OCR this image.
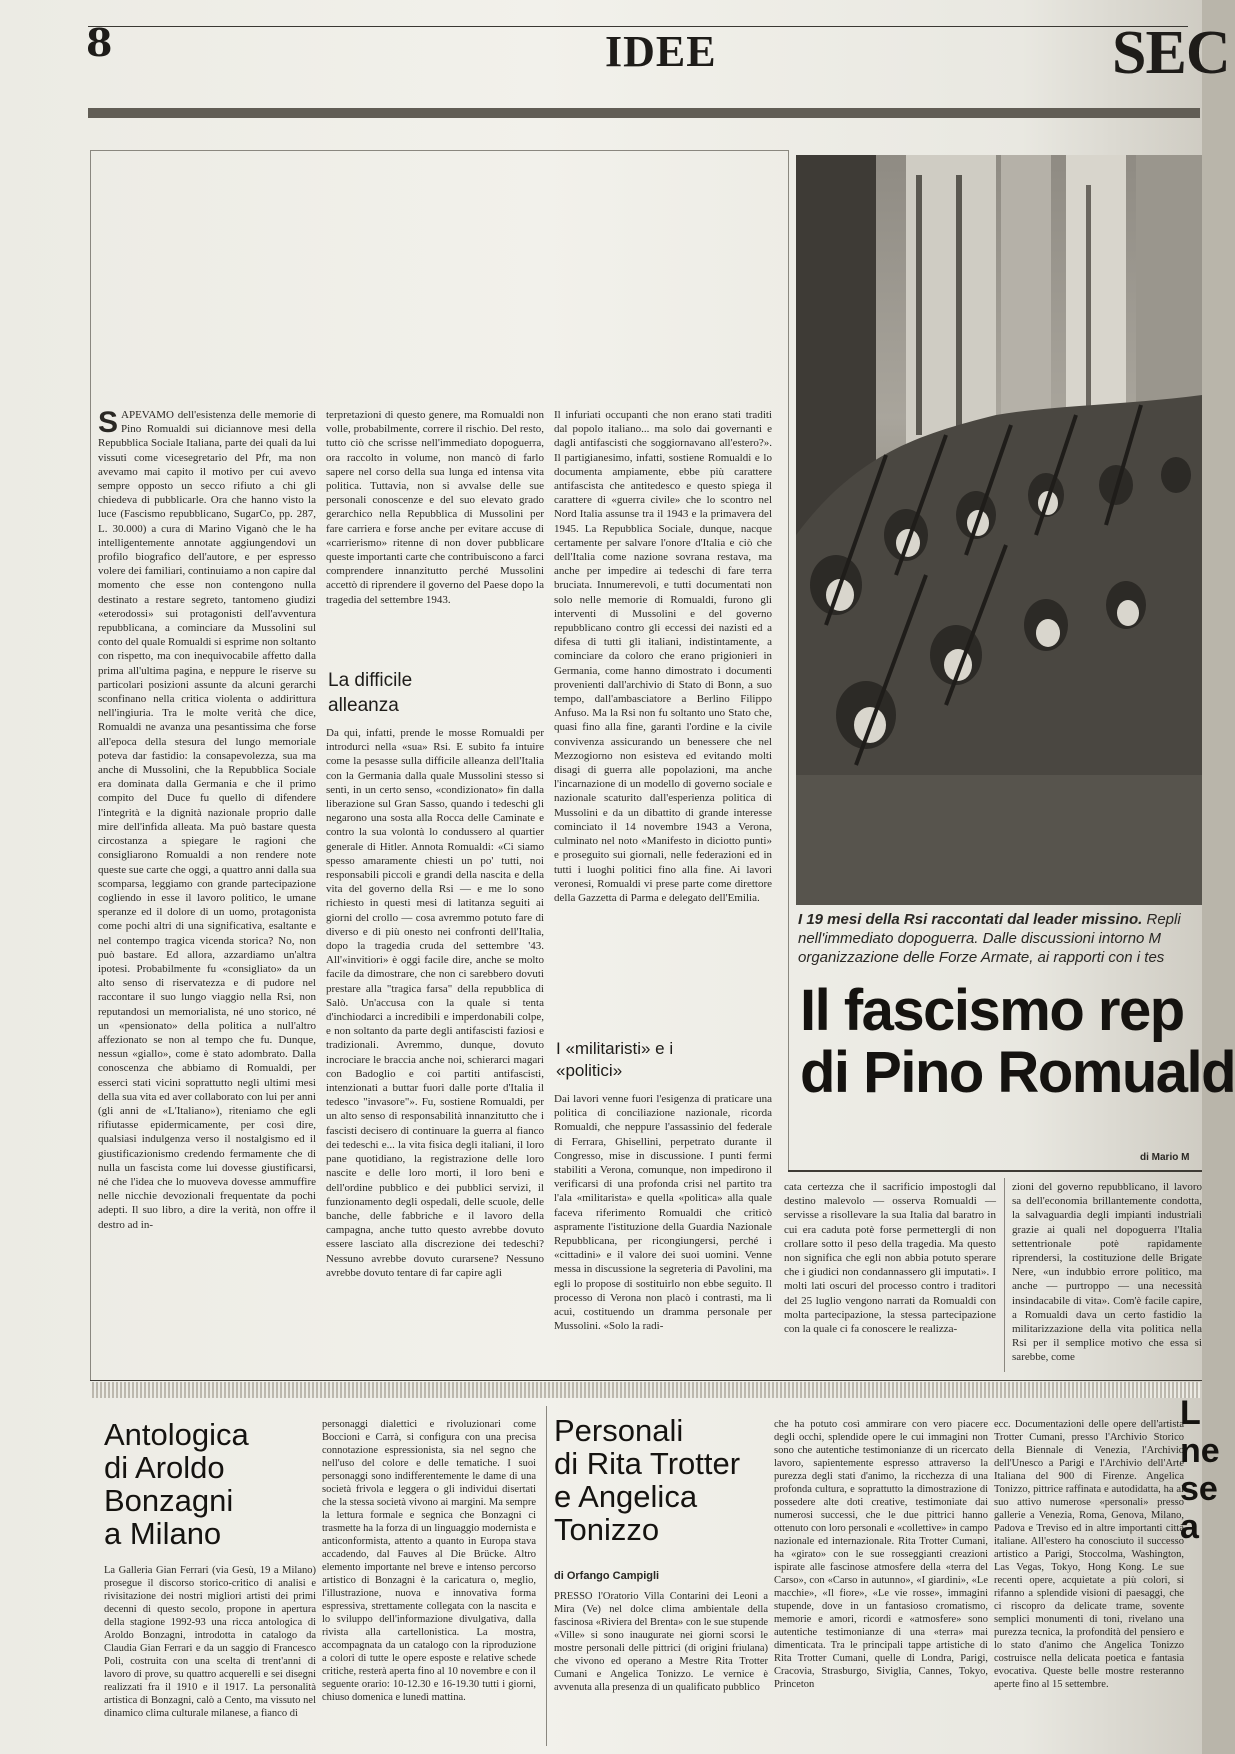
8	IDEE	SEC
SAPEVAMO dell'esistenza delle memorie di Pino Romualdi sui diciannove mesi della Repubblica Sociale Italiana, parte dei quali da lui vissuti come vicesegretario del Pfr, ma non avevamo mai capito il motivo per cui avevo sempre opposto un secco rifiuto a chi gli chiedeva di pubblicarle. Ora che hanno visto la luce (Fascismo repubblicano, SugarCo, pp. 287, L. 30.000) a cura di Marino Viganò che le ha intelligentemente annotate aggiungendovi un profilo biografico dell'autore, e per espresso volere dei familiari, continuiamo a non capire dal momento che esse non contengono nulla destinato a restare segreto, tantomeno giudizi «eterodossi» sui protagonisti dell'avventura repubblicana, a cominciare da Mussolini sul conto del quale Romualdi si esprime non soltanto con rispetto, ma con inequivocabile affetto dalla prima all'ultima pagina, e neppure le riserve su particolari posizioni assunte da alcuni gerarchi sconfinano nella critica violenta o addirittura nell'ingiuria. Tra le molte verità che dice, Romualdi ne avanza una pesantissima che forse all'epoca della stesura del lungo memoriale poteva dar fastidio: la consapevolezza, sua ma anche di Mussolini, che la Repubblica Sociale era dominata dalla Germania e che il primo compito del Duce fu quello di difendere l'integrità e la dignità nazionale proprio dalle mire dell'infida alleata. Ma può bastare questa circostanza a spiegare le ragioni che consigliarono Romualdi a non rendere note queste sue carte che oggi, a quattro anni dalla sua scomparsa, leggiamo con grande partecipazione cogliendo in esse il lavoro politico, le umane speranze ed il dolore di un uomo, protagonista come pochi altri di una significativa, esaltante e nel contempo tragica vicenda storica? No, non può bastare. Ed allora, azzardiamo un'altra ipotesi. Probabilmente fu «consigliato» da un alto senso di riservatezza e di pudore nel raccontare il suo lungo viaggio nella Rsi, non reputandosi un memorialista, né uno storico, né un «pensionato» della politica a null'altro affezionato se non al tempo che fu. Dunque, nessun «giallo», come è stato adombrato. Dalla conoscenza che abbiamo di Romualdi, per esserci stati vicini soprattutto negli ultimi mesi della sua vita ed aver collaborato con lui per anni (gli anni de «L'Italiano»), riteniamo che egli rifiutasse epidermicamente, per così dire, qualsiasi indulgenza verso il nostalgismo ed il giustificazionismo credendo fermamente che di nulla un fascista come lui dovesse giustificarsi, né che l'idea che lo muoveva dovesse ammuffire nelle nicchie devozionali frequentate da pochi adepti. Il suo libro, a dire la verità, non offre il destro ad in-
terpretazioni di questo genere, ma Romualdi non volle, probabilmente, correre il rischio. Del resto, tutto ciò che scrisse nell'immediato dopoguerra, ora raccolto in volume, non mancò di farlo sapere nel corso della sua lunga ed intensa vita politica. Tuttavia, non si avvalse delle sue personali conoscenze e del suo elevato grado gerarchico nella Repubblica di Mussolini per fare carriera e forse anche per evitare accuse di «carrierismo» ritenne di non dover pubblicare queste importanti carte che contribuiscono a farci comprendere innanzitutto perché Mussolini accettò di riprendere il governo del Paese dopo la tragedia del settembre 1943.
La difficile alleanza
Da qui, infatti, prende le mosse Romualdi per introdurci nella «sua» Rsi. E subito fa intuire come la pesasse sulla difficile alleanza dell'Italia con la Germania dalla quale Mussolini stesso si sentì, in un certo senso, «condizionato» fin dalla liberazione sul Gran Sasso, quando i tedeschi gli negarono una sosta alla Rocca delle Caminate e contro la sua volontà lo condussero al quartier generale di Hitler. Annota Romualdi: «Ci siamo spesso amaramente chiesti un po' tutti, noi responsabili piccoli e grandi della nascita e della vita del governo della Rsi — e me lo sono richiesto in questi mesi di latitanza seguiti ai giorni del crollo — cosa avremmo potuto fare di diverso e di più onesto nei confronti dell'Italia, dopo la tragedia cruda del settembre '43. All'«invitiori» è oggi facile dire, anche se molto facile da dimostrare, che non ci sarebbero dovuti prestare alla "tragica farsa" della repubblica di Salò. Un'accusa con la quale si tenta d'inchiodarci a incredibili e imperdonabili colpe, e non soltanto da parte degli antifascisti faziosi e tradizionali. Avremmo, dunque, dovuto incrociare le braccia anche noi, schierarci magari con Badoglio e coi partiti antifascisti, intenzionati a buttar fuori dalle porte d'Italia il tedesco "invasore"». Fu, sostiene Romualdi, per un alto senso di responsabilità innanzitutto che i fascisti decisero di continuare la guerra al fianco dei tedeschi e... la vita fisica degli italiani, il loro pane quotidiano, la registrazione delle loro nascite e delle loro morti, il loro beni e dell'ordine pubblico e dei pubblici servizi, il funzionamento degli ospedali, delle scuole, delle banche, delle fabbriche e il lavoro della campagna, anche tutto questo avrebbe dovuto essere lasciato alla discrezione dei tedeschi? Nessuno avrebbe dovuto curarsene? Nessuno avrebbe dovuto tentare di far capire agli
Il infuriati occupanti che non erano stati traditi dal popolo italiano... ma solo dai governanti e dagli antifascisti che soggiornavano all'estero?». Il partigianesimo, infatti, sostiene Romualdi e lo documenta ampiamente, ebbe più carattere antifascista che antitedesco e questo spiega il carattere di «guerra civile» che lo scontro nel Nord Italia assunse tra il 1943 e la primavera del 1945. La Repubblica Sociale, dunque, nacque certamente per salvare l'onore d'Italia e ciò che dell'Italia come nazione sovrana restava, ma anche per impedire ai tedeschi di fare terra bruciata. Innumerevoli, e tutti documentati non solo nelle memorie di Romualdi, furono gli interventi di Mussolini e del governo repubblicano contro gli eccessi dei nazisti ed a difesa di tutti gli italiani, indistintamente, a cominciare da coloro che erano prigionieri in Germania, come hanno dimostrato i documenti provenienti dall'archivio di Stato di Bonn, a suo tempo, dall'ambasciatore a Berlino Filippo Anfuso. Ma la Rsi non fu soltanto uno Stato che, quasi fino alla fine, garantì l'ordine e la civile convivenza assicurando un benessere che nel Mezzogiorno non esisteva ed evitando molti disagi di guerra alle popolazioni, ma anche l'incarnazione di un modello di governo sociale e nazionale scaturito dall'esperienza politica di Mussolini e da un dibattito di grande interesse cominciato il 14 novembre 1943 a Verona, culminato nel noto «Manifesto in diciotto punti» e proseguito sui giornali, nelle federazioni ed in tutti i luoghi politici fino alla fine. Ai lavori veronesi, Romualdi vi prese parte come direttore della Gazzetta di Parma e delegato dell'Emilia.
I «militaristi» e i «politici»
Dai lavori venne fuori l'esigenza di praticare una politica di conciliazione nazionale, ricorda Romualdi, che neppure l'assassinio del federale di Ferrara, Ghisellini, perpetrato durante il Congresso, mise in discussione. I punti fermi stabiliti a Verona, comunque, non impedirono il verificarsi di una profonda crisi nel partito tra l'ala «militarista» e quella «politica» alla quale faceva riferimento Romualdi che criticò aspramente l'istituzione della Guardia Nazionale Repubblicana, per ricongiungersi, perché i «cittadini» e il valore dei suoi uomini. Venne messa in discussione la segreteria di Pavolini, ma egli lo propose di sostituirlo non ebbe seguito. Il processo di Verona non placò i contrasti, ma li acuì, costituendo un dramma personale per Mussolini. «Solo la radi-
cata certezza che il sacrificio impostogli dal destino malevolo — osserva Romualdi — servisse a risollevare la sua Italia dal baratro in cui era caduta potè forse permettergli di non crollare sotto il peso della tragedia. Ma questo non significa che egli non abbia potuto sperare che i giudici non condannassero gli imputati». I molti lati oscuri del processo contro i traditori del 25 luglio vengono narrati da Romualdi con molta partecipazione, la stessa partecipazione con la quale ci fa conoscere le realizza-
zioni del governo repubblicano, il lavoro sa dell'economia brillantemente condotta, la salvaguardia degli impianti industriali grazie ai quali nel dopoguerra l'Italia settentrionale potè rapidamente riprendersi, la costituzione delle Brigate Nere, «un indubbio errore politico, ma anche — purtroppo — una necessità insindacabile di vita». Com'è facile capire, a Romualdi dava un certo fastidio la militarizzazione della vita politica nella Rsi per il semplice motivo che essa si sarebbe, come
I 19 mesi della Rsi raccontati dal leader missino. Repli
nell'immediato dopoguerra. Dalle discussioni intorno M
organizzazione delle Forze Armate, ai rapporti con i tes
Il fascismo rep
di Pino Romuald
di Mario M
Antologica
di Aroldo
Bonzagni
a Milano
La Galleria Gian Ferrari (via Gesù, 19 a Milano) prosegue il discorso storico-critico di analisi e rivisitazione dei nostri migliori artisti dei primi decenni di questo secolo, propone in apertura della stagione 1992-93 una ricca antologica di Aroldo Bonzagni, introdotta in catalogo da Claudia Gian Ferrari e da un saggio di Francesco Poli, costruita con una scelta di trent'anni di lavoro di prove, su quattro acquerelli e sei disegni realizzati fra il 1910 e il 1917. La personalità artistica di Bonzagni, calò a Cento, ma vissuto nel dinamico clima culturale milanese, a fianco di
personaggi dialettici e rivoluzionari come Boccioni e Carrà, si configura con una precisa connotazione espressionista, sia nel segno che nell'uso del colore e delle tematiche. I suoi personaggi sono indifferentemente le dame di una società frivola e leggera o gli individui disertati che la stessa società vivono ai margini. Ma sempre la lettura formale e segnica che Bonzagni ci trasmette ha la forza di un linguaggio modernista e anticonformista, attento a quanto in Europa stava accadendo, dal Fauves al Die Brücke. Altro elemento importante nel breve e intenso percorso artistico di Bonzagni è la caricatura o, meglio, l'illustrazione, nuova e innovativa forma espressiva, strettamente collegata con la nascita e lo sviluppo dell'informazione divulgativa, dalla rivista alla cartellonistica. La mostra, accompagnata da un catalogo con la riproduzione a colori di tutte le opere esposte e relative schede critiche, resterà aperta fino al 10 novembre e con il seguente orario: 10-12.30 e 16-19.30 tutti i giorni, chiuso domenica e lunedì mattina.
Personali
di Rita Trotter
e Angelica
Tonizzo
di Orfango Campigli
PRESSO l'Oratorio Villa Contarini dei Leoni a Mira (Ve) nel dolce clima ambientale della fascinosa «Riviera del Brenta» con le sue stupende «Ville» si sono inaugurate nei giorni scorsi le mostre personali delle pittrici (di origini friulana) che vivono ed operano a Mestre Rita Trotter Cumani e Angelica Tonizzo. Le vernice è avvenuta alla presenza di un qualificato pubblico
che ha potuto così ammirare con vero piacere degli occhi, splendide opere le cui immagini non sono che autentiche testimonianze di un ricercato lavoro, sapientemente espresso attraverso la purezza degli stati d'animo, la ricchezza di una profonda cultura, e soprattutto la dimostrazione di possedere alte doti creative, testimoniate dai numerosi successi, che le due pittrici hanno ottenuto con loro personali e «collettive» in campo nazionale ed internazionale. Rita Trotter Cumani, ha «girato» con le sue rosseggianti creazioni ispirate alle fascinose atmosfere della «terra del Carso», con «Carso in autunno», «I giardini», «Le macchie», «Il fiore», «Le vie rosse», immagini stupende, dove in un fantasioso cromatismo, memorie e amori, ricordi e «atmosfere» sono autentiche testimonianze di una «terra» mai dimenticata. Tra le principali tappe artistiche di Rita Trotter Cumani, quelle di Londra, Parigi, Cracovia, Strasburgo, Siviglia, Cannes, Tokyo, Princeton
ecc. Documentazioni delle opere dell'artista Trotter Cumani, presso l'Archivio Storico della Biennale di Venezia, l'Archivio dell'Unesco a Parigi e l'Archivio dell'Arte Italiana del 900 di Firenze. Angelica Tonizzo, pittrice raffinata e autodidatta, ha al suo attivo numerose «personali» presso gallerie a Venezia, Roma, Genova, Milano, Padova e Treviso ed in altre importanti città italiane. All'estero ha conosciuto il successo artistico a Parigi, Stoccolma, Washington, Las Vegas, Tokyo, Hong Kong. Le sue recenti opere, acquietate a più colori, si rifanno a splendide visioni di paesaggi, che ci riscopro da delicate trame, sovente semplici monumenti di toni, rivelano una purezza tecnica, la profondità del pensiero e lo stato d'animo che Angelica Tonizzo costruisce nella delicata poetica e fantasia evocativa. Queste belle mostre resteranno aperte fino al 15 settembre.
L
ne
se
a
